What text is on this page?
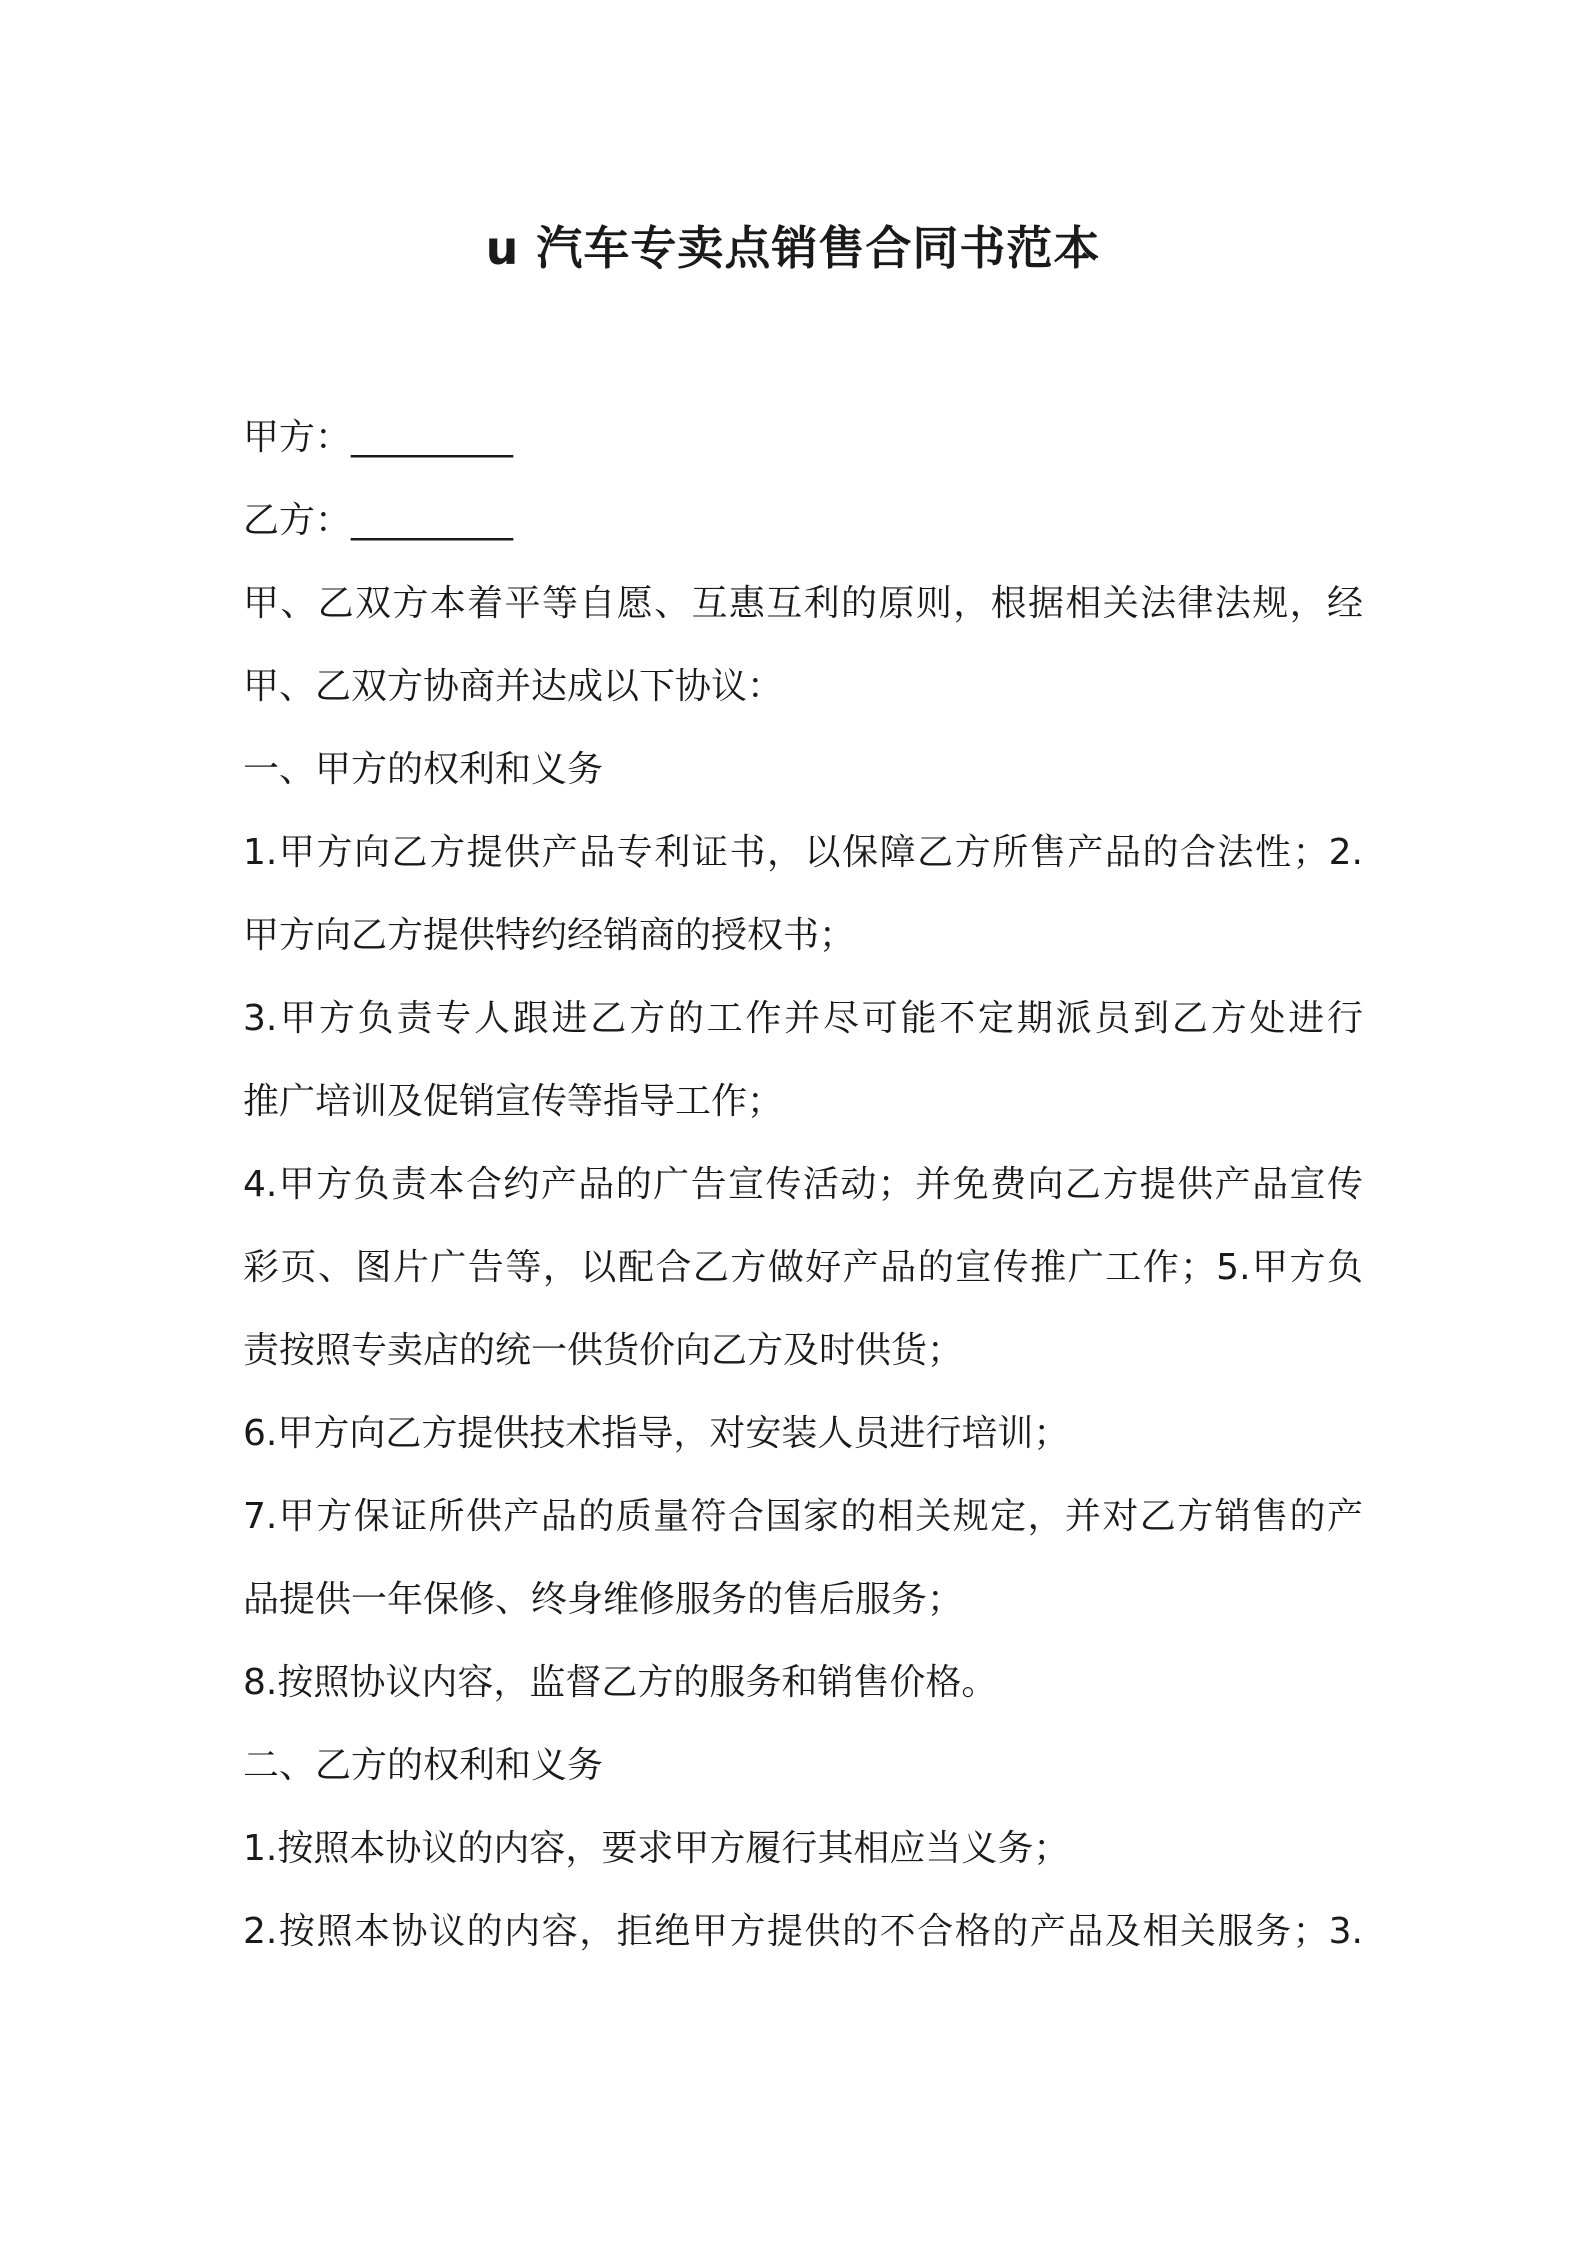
u 汽车专卖点销售合同书范本
甲方：_________
乙方：_________
甲、乙双方本着平等自愿、互惠互利的原则，根据相关法律法规，经
甲、乙双方协商并达成以下协议：
一、甲方的权利和义务
1.甲方向乙方提供产品专利证书，以保障乙方所售产品的合法性；2.
甲方向乙方提供特约经销商的授权书；
3.甲方负责专人跟进乙方的工作并尽可能不定期派员到乙方处进行
推广培训及促销宣传等指导工作；
4.甲方负责本合约产品的广告宣传活动；并免费向乙方提供产品宣传
彩页、图片广告等，以配合乙方做好产品的宣传推广工作；5.甲方负
责按照专卖店的统一供货价向乙方及时供货；
6.甲方向乙方提供技术指导，对安装人员进行培训；
7.甲方保证所供产品的质量符合国家的相关规定，并对乙方销售的产
品提供一年保修、终身维修服务的售后服务；
8.按照协议内容，监督乙方的服务和销售价格。
二、乙方的权利和义务
1.按照本协议的内容，要求甲方履行其相应当义务；
2.按照本协议的内容，拒绝甲方提供的不合格的产品及相关服务；3.
